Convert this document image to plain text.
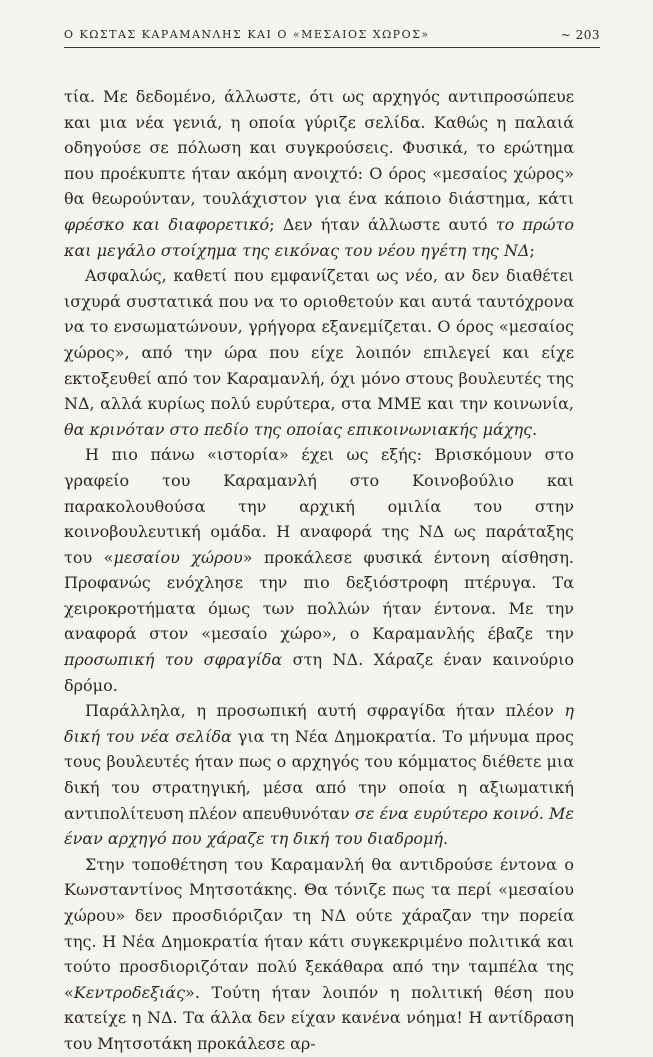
Ο ΚΩΣΤΑΣ ΚΑΡΑΜΑΝΛΗΣ ΚΑΙ Ο «ΜΕΣΑΙΟΣ ΧΩΡΟΣ»	~ 203

τία. Με δεδομένο, άλλωστε, ότι ως αρχηγός αντιπροσώπευε και μια νέα γενιά, η οποία γύριζε σελίδα. Καθώς η παλαιά οδηγούσε σε πόλωση και συγκρούσεις. Φυσικά, το ερώτημα που προέκυπτε ήταν ακόμη ανοιχτό: Ο όρος «μεσαίος χώρος» θα θεωρούνταν, τουλάχιστον για ένα κάποιο διάστημα, κάτι φρέσκο και διαφορετικό; Δεν ήταν άλλωστε αυτό το πρώτο και μεγάλο στοίχημα της εικόνας του νέου ηγέτη της ΝΔ;

Ασφαλώς, καθετί που εμφανίζεται ως νέο, αν δεν διαθέτει ισχυρά συστατικά που να το οριοθετούν και αυτά ταυτόχρονα να το ενσωματώνουν, γρήγορα εξανεμίζεται. Ο όρος «μεσαίος χώρος», από την ώρα που είχε λοιπόν επιλεγεί και είχε εκτοξευθεί από τον Καραμανλή, όχι μόνο στους βουλευτές της ΝΔ, αλλά κυρίως πολύ ευρύτερα, στα ΜΜΕ και την κοινωνία, θα κρινόταν στο πεδίο της οποίας επικοινωνιακής μάχης.

Η πιο πάνω «ιστορία» έχει ως εξής: Βρισκόμουν στο γραφείο του Καραμανλή στο Κοινοβούλιο και παρακολουθούσα την αρχική ομιλία του στην κοινοβουλευτική ομάδα. Η αναφορά της ΝΔ ως παράταξης του «μεσαίου χώρου» προκάλεσε φυσικά έντονη αίσθηση. Προφανώς ενόχλησε την πιο δεξιόστροφη πτέρυγα. Τα χειροκροτήματα όμως των πολλών ήταν έντονα. Με την αναφορά στον «μεσαίο χώρο», ο Καραμανλής έβαζε την προσωπική του σφραγίδα στη ΝΔ. Χάραζε έναν καινούριο δρόμο.

Παράλληλα, η προσωπική αυτή σφραγίδα ήταν πλέον η δική του νέα σελίδα για τη Νέα Δημοκρατία. Το μήνυμα προς τους βουλευτές ήταν πως ο αρχηγός του κόμματος διέθετε μια δική του στρατηγική, μέσα από την οποία η αξιωματική αντιπολίτευση πλέον απευθυνόταν σε ένα ευρύτερο κοινό. Με έναν αρχηγό που χάραζε τη δική του διαδρομή.

Στην τοποθέτηση του Καραμανλή θα αντιδρούσε έντονα ο Κωνσταντίνος Μητσοτάκης. Θα τόνιζε πως τα περί «μεσαίου χώρου» δεν προσδιόριζαν τη ΝΔ ούτε χάραζαν την πορεία της. Η Νέα Δημοκρατία ήταν κάτι συγκεκριμένο πολιτικά και τούτο προσδιοριζόταν πολύ ξεκάθαρα από την ταμπέλα της «Κεντροδεξιάς». Τούτη ήταν λοιπόν η πολιτική θέση που κατείχε η ΝΔ. Τα άλλα δεν είχαν κανένα νόημα! Η αντίδραση του Μητσοτάκη προκάλεσε αρ-
